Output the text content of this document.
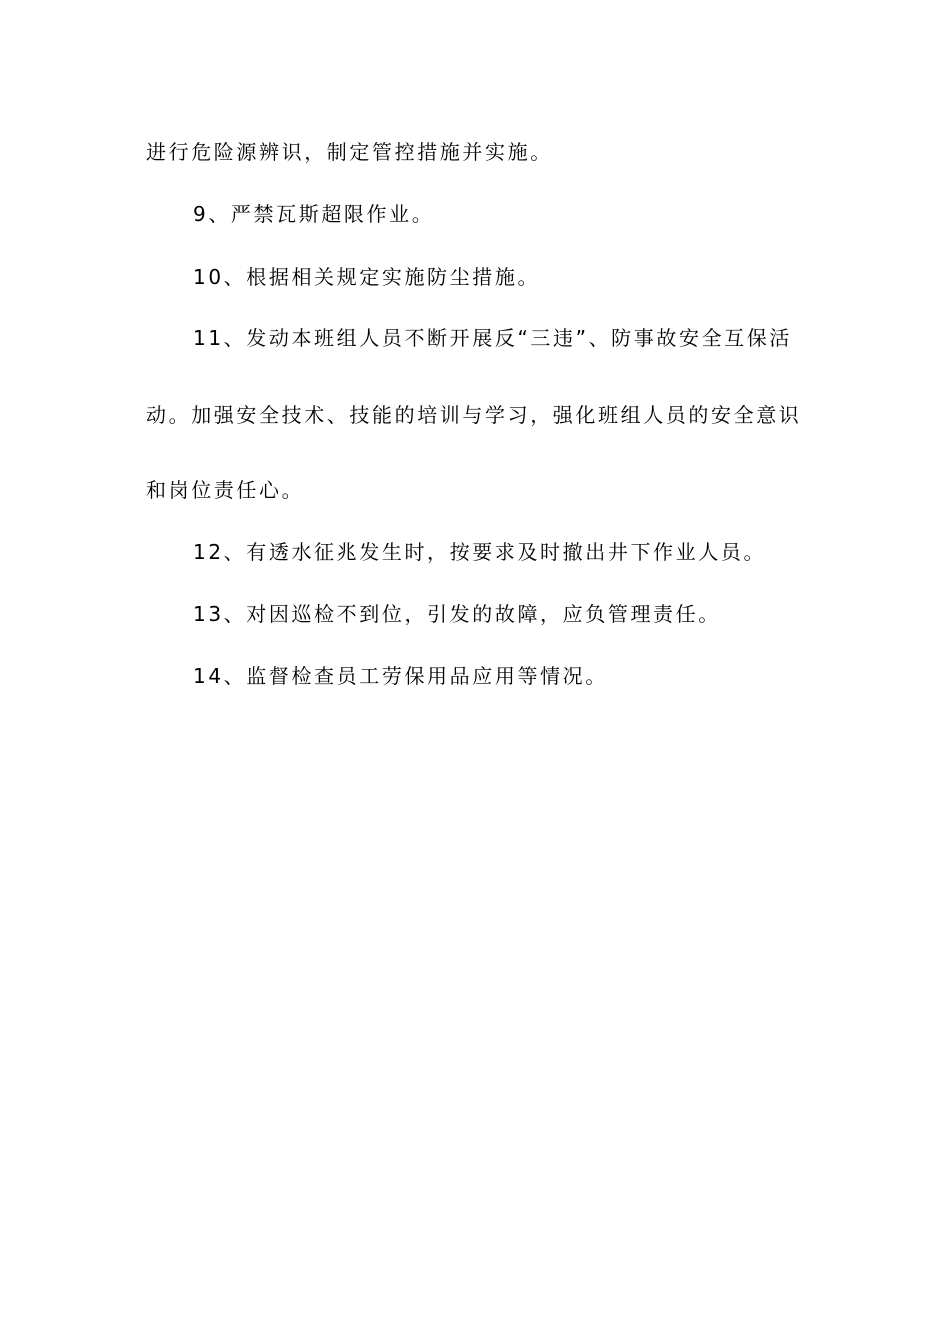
进行危险源辨识，制定管控措施并实施。
9、严禁瓦斯超限作业。
10、根据相关规定实施防尘措施。
11、发动本班组人员不断开展反“三违”、防事故安全互保活
动。加强安全技术、技能的培训与学习，强化班组人员的安全意识
和岗位责任心。
12、有透水征兆发生时，按要求及时撤出井下作业人员。
13、对因巡检不到位，引发的故障，应负管理责任。
14、监督检查员工劳保用品应用等情况。
